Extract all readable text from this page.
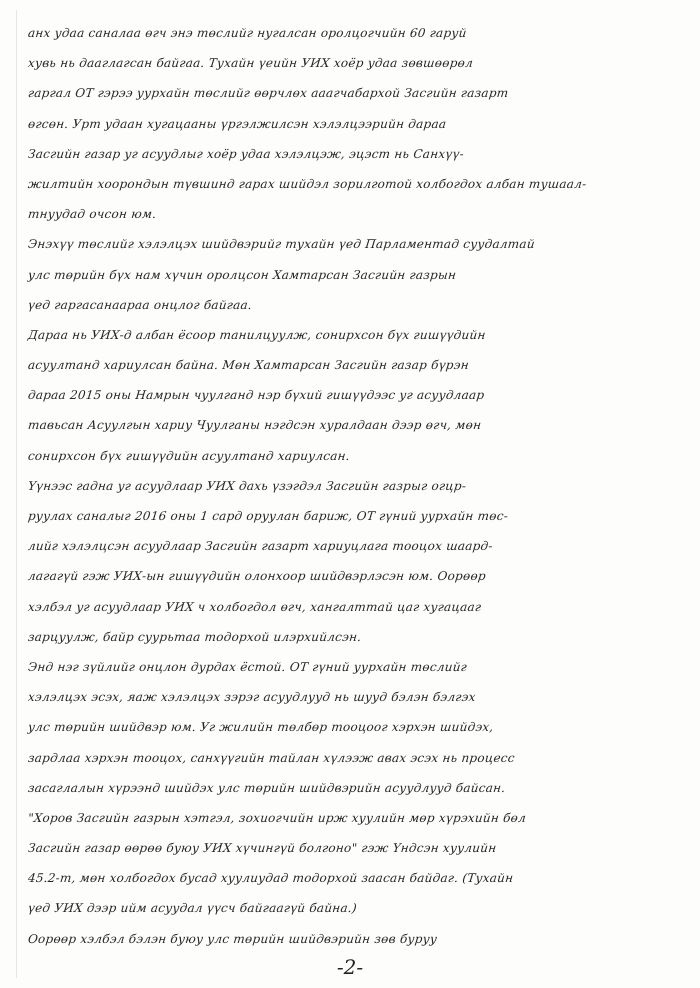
анх удаа саналаа өгч энэ төслийг нугалсан оролцогчийн 60 гаруй
хувь нь дааглагсан байгаа. Тухайн үеийн УИХ хоёр удаа зөвшөөрөл
гаргал ОТ гэрээ уурхайн төслийг өөрчлөх ааагчабархой Засгийн газарт
өгсөн. Урт удаан хугацааны үргэлжилсэн хэлэлцээрийн дараа
Засгийн газар уг асуудлыг хоёр удаа хэлэлцэж, эцэст нь Санхүү-
жилтийн хоорондын түвшинд гарах шийдэл зорилготой холбогдох албан тушаал-
тнуудад очсон юм.
Энэхүү төслийг хэлэлцэх шийдвэрийг тухайн үед Парламентад суудалтай
улс төрийн бүх нам хүчин оролцсон Хамтарсан Засгийн газрын
үед гаргасанаараа онцлог байгаа.
Дараа нь УИХ-д албан ёсоор танилцуулж, сонирхсон бүх гишүүдийн
асуултанд хариулсан байна. Мөн Хамтарсан Засгийн газар бүрэн
дараа 2015 оны Намрын чуулганд нэр бүхий гишүүдээс уг асуудлаар
тавьсан Асуулгын хариу Чуулганы нэгдсэн хуралдаан дээр өгч, мөн
сонирхсон бүх гишүүдийн асуултанд хариулсан.
Үүнээс гадна уг асуудлаар УИХ дахь үзэгдэл Засгийн газрыг огцр-
руулах саналыг 2016 оны 1 сард оруулан бариж, ОТ гүний уурхайн төс-
лийг хэлэлцсэн асуудлаар Засгийн газарт хариуцлага тооцох шаард-
лагагүй гэж УИХ-ын гишүүдийн олонхоор шийдвэрлэсэн юм. Оорөөр
хэлбэл уг асуудлаар УИХ ч холбогдол өгч, хангалттай цаг хугацааг
зарцуулж, байр суурьтаа тодорхой илэрхийлсэн.
Энд нэг зүйлийг онцлон дурдах ёстой. ОТ гүний уурхайн төслийг
хэлэлцэх эсэх, яаж хэлэлцэх зэрэг асуудлууд нь шууд бэлэн бэлгэх
улс төрийн шийдвэр юм. Уг жилийн төлбөр тооцоог хэрхэн шийдэх,
зардлаа хэрхэн тооцох, санхүүгийн тайлан хүлээж авах эсэх нь процесс
засаглалын хүрээнд шийдэх улс төрийн шийдвэрийн асуудлууд байсан.
"Хоров Засгийн газрын хэтгэл, зохиогчийн ирж хуулийн мөр хүрэхийн бөл
Засгийн газар өөрөө буюу УИХ хүчингүй болгоно" гэж Үндсэн хуулийн
45.2-т, мөн холбогдох бусад хуулиудад тодорхой заасан байдаг. (Тухайн
үед УИХ дээр ийм асуудал үүсч байгаагүй байна.)
Оорөөр хэлбэл бэлэн буюу улс төрийн шийдвэрийн зөв буруу
-2-
